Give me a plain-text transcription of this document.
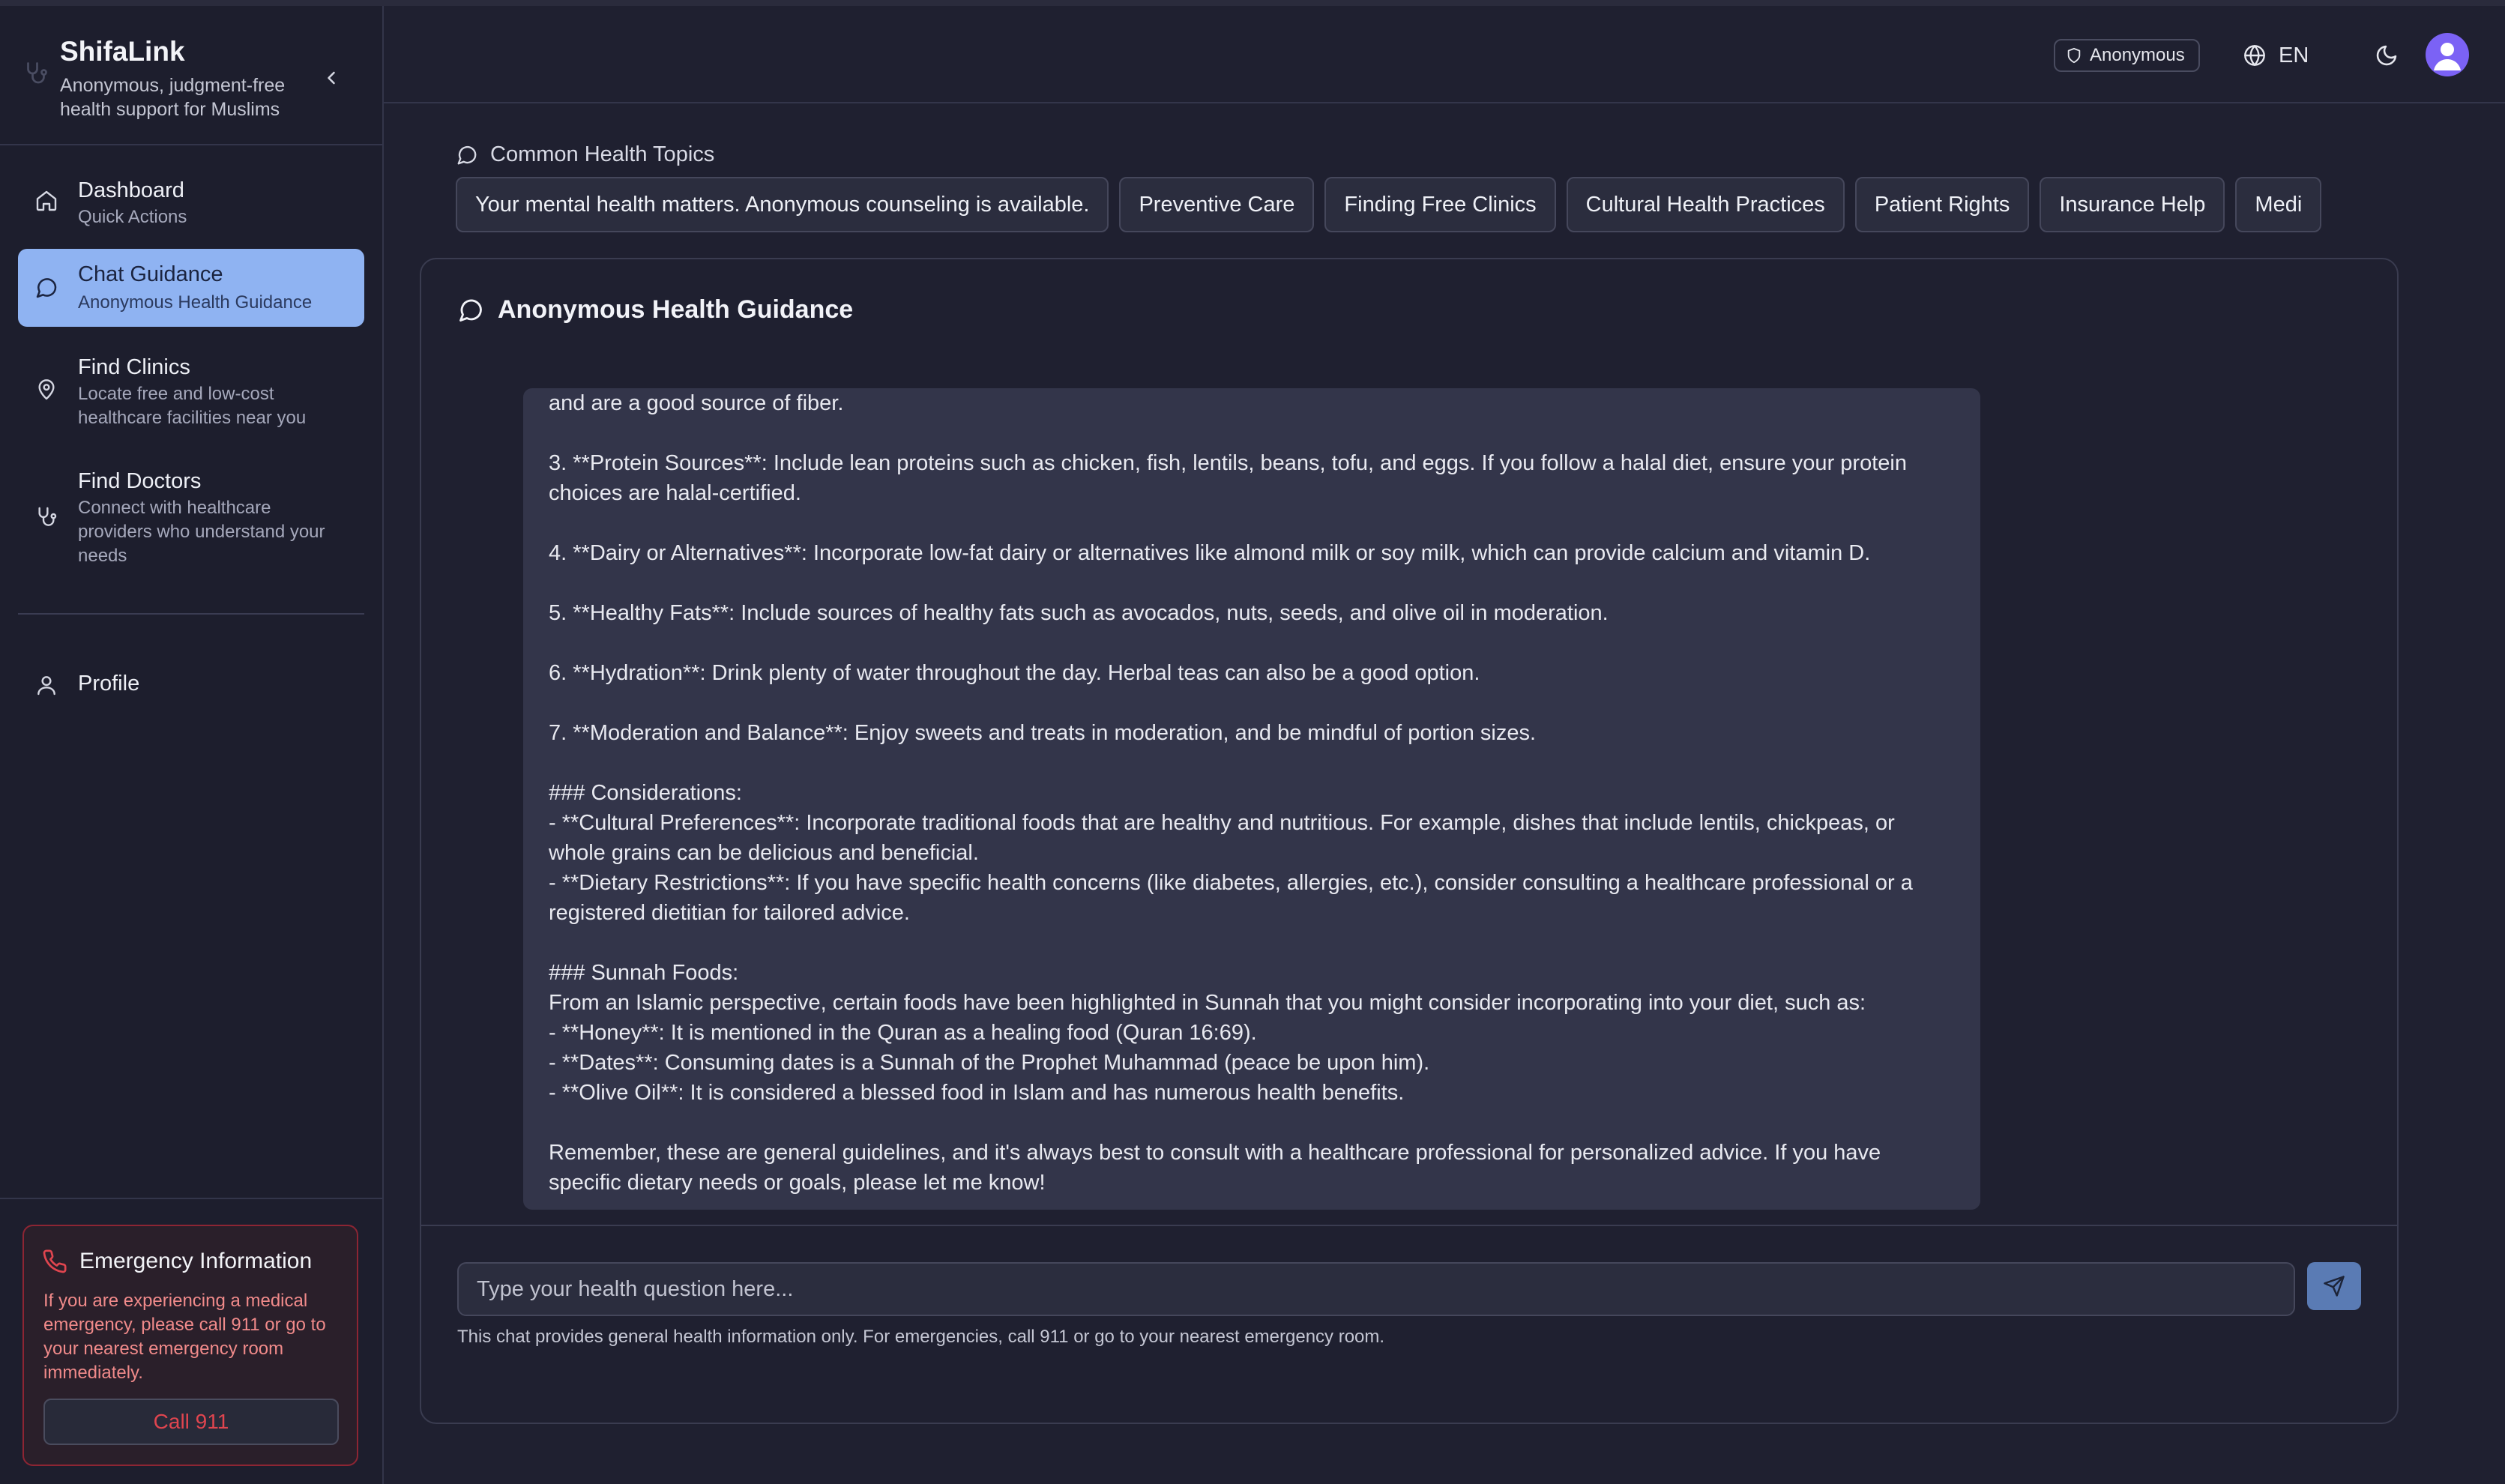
ShifaLink
Anonymous, judgment-free health support for Muslims
Dashboard
Quick Actions
Chat Guidance
Anonymous Health Guidance
Find Clinics
Locate free and low-cost healthcare facilities near you
Find Doctors
Connect with healthcare providers who understand your needs
Profile
Emergency Information
If you are experiencing a medical emergency, please call 911 or go to your nearest emergency room immediately.
Call 911
Anonymous	EN
Common Health Topics
Your mental health matters. Anonymous counseling is available. Preventive Care Finding Free Clinics Cultural Health Practices Patient Rights Insurance Help Medi
Anonymous Health Guidance

and are a good source of fiber.

3. **Protein Sources**: Include lean proteins such as chicken, fish, lentils, beans, tofu, and eggs. If you follow a halal diet, ensure your protein choices are halal-certified.

4. **Dairy or Alternatives**: Incorporate low-fat dairy or alternatives like almond milk or soy milk, which can provide calcium and vitamin D.

5. **Healthy Fats**: Include sources of healthy fats such as avocados, nuts, seeds, and olive oil in moderation.

6. **Hydration**: Drink plenty of water throughout the day. Herbal teas can also be a good option.

7. **Moderation and Balance**: Enjoy sweets and treats in moderation, and be mindful of portion sizes.

### Considerations:

- **Cultural Preferences**: Incorporate traditional foods that are healthy and nutritious. For example, dishes that include lentils, chickpeas, or whole grains can be delicious and beneficial.

- **Dietary Restrictions**: If you have specific health concerns (like diabetes, allergies, etc.), consider consulting a healthcare professional or a registered dietitian for tailored advice.

### Sunnah Foods:

From an Islamic perspective, certain foods have been highlighted in Sunnah that you might consider incorporating into your diet, such as:

- **Honey**: It is mentioned in the Quran as a healing food (Quran 16:69).

- **Dates**: Consuming dates is a Sunnah of the Prophet Muhammad (peace be upon him).

- **Olive Oil**: It is considered a blessed food in Islam and has numerous health benefits.

Remember, these are general guidelines, and it's always best to consult with a healthcare professional for personalized advice. If you have specific dietary needs or goals, please let me know!

Type your health question here...
This chat provides general health information only. For emergencies, call 911 or go to your nearest emergency room.
